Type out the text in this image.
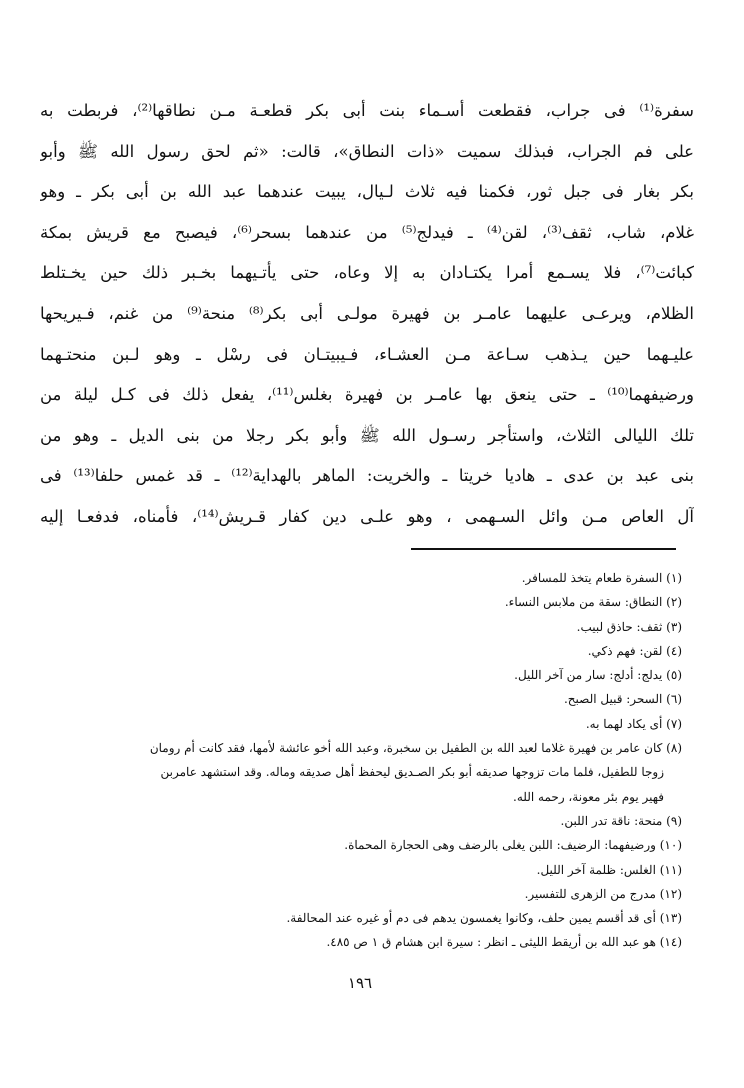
سفرة⁽¹⁾ فى جراب، فقطعت أسـماء بنت أبى بكر قطعـة مـن نطاقها⁽²⁾، فربطت به
على فم الجراب، فبذلك سميت «ذات النطاق»، قالت: «ثم لحق رسول الله ﷺ وأبو
بكر بغار فى جبل ثور، فكمنا فيه ثلاث لـيال، يبيت عندهما عبد الله بن أبى بكر ـ وهو
غلام، شاب، ثقف⁽³⁾، لقن⁽⁴⁾ ـ فيدلج⁽⁵⁾ من عندهما بسحر⁽⁶⁾، فيصبح مع قريش بمكة
كبائت⁽⁷⁾، فلا يسـمع أمرا يكتـادان به إلا وعاه، حتى يأتـيهما بخـبر ذلك حين يخـتلط
الظلام، ويرعـى عليهما عامـر بن فهيرة مولـى أبى بكر⁽⁸⁾ منحة⁽⁹⁾ من غنم، فـيريحها
عليـهما حين يـذهب سـاعة مـن العشـاء، فـيبيتـان فى رسْل ـ وهو لـبن منحتـهما
ورضيفهما⁽¹⁰⁾ ـ حتى ينعق بها عامـر بن فهيرة بغلس⁽¹¹⁾، يفعل ذلك فى كـل ليلة من
تلك الليالى الثلاث، واستأجر رسـول الله ﷺ وأبو بكر رجلا من بنى الديل ـ وهو من
بنى عبد بن عدى ـ هاديا خريتا ـ والخريت: الماهر بالهداية⁽¹²⁾ ـ قد غمس حلفا⁽¹³⁾ فى
آل العاص مـن وائل السـهمى ، وهو علـى دين كفار قـريش⁽¹⁴⁾، فأمناه، فدفعـا إليه
(١) السفرة طعام يتخذ للمسافر.
(٢) النطاق: سقة من ملابس النساء.
(٣) ثقف: حاذق لبيب.
(٤) لقن: فهم ذكي.
(٥) يدلج: أدلج: سار من آخر الليل.
(٦) السحر: قبيل الصبح.
(٧) أى يكاد لهما به.
(٨) كان عامر بن فهيرة غلاما لعبد الله بن الطفيل بن سخبرة، وعبد الله أخو عائشة لأمها، فقد كانت أم رومان
زوجا للطفيل، فلما مات تزوجها صديقه أبو بكر الصـديق ليحفظ أهل صديقه وماله. وقد استشهد عامربن
فهير يوم بئر معونة، رحمه الله.
(٩) منحة: ناقة تدر اللبن.
(١٠) ورضيفهما: الرضيف: اللبن يغلى بالرضف وهى الحجارة المحماة.
(١١) الغلس: ظلمة آخر الليل.
(١٢) مدرج من الزهرى للتفسير.
(١٣) أى قد أقسم يمين حلف، وكانوا يغمسون يدهم فى دم أو غيره عند المحالفة.
(١٤) هو عبد الله بن أريقط الليثى ـ انظر : سيرة ابن هشام ق ١ ص ٤٨٥.
١٩٦
